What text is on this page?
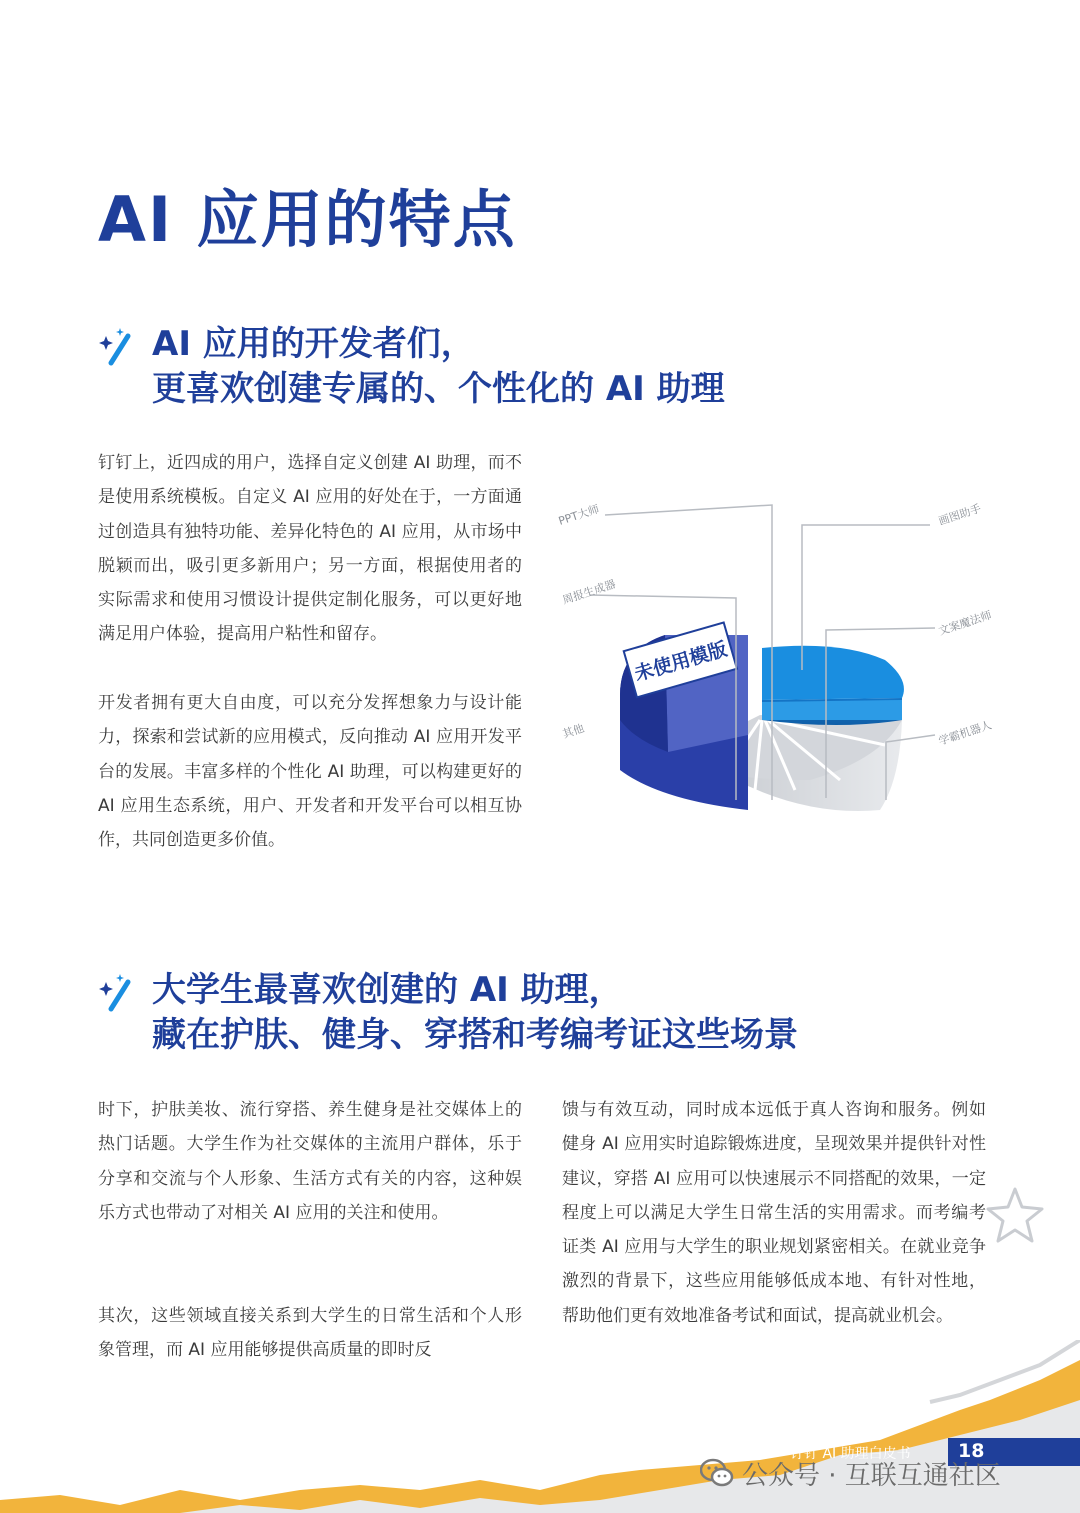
AI 应用的特点
AI 应用的开发者们，
更喜欢创建专属的、个性化的 AI 助理

钉钉上，近四成的用户，选择自定义创建 AI 助理，而不是使用系统模板。自定义 AI 应用的好处在于，一方面通过创造具有独特功能、差异化特色的 AI 应用，从市场中脱颖而出，吸引更多新用户；另一方面，根据使用者的实际需求和使用习惯设计提供定制化服务，可以更好地满足用户体验，提高用户粘性和留存。

开发者拥有更大自由度，可以充分发挥想象力与设计能力，探索和尝试新的应用模式，反向推动 AI 应用开发平台的发展。丰富多样的个性化 AI 助理，可以构建更好的 AI 应用生态系统，用户、开发者和开发平台可以相互协作，共同创造更多价值。

未使用模版
PPT大师	画图助手
周报生成器
文案魔法师
其他	学霸机器人
大学生最喜欢创建的 AI 助理，
藏在护肤、健身、穿搭和考编考证这些场景

时下，护肤美妆、流行穿搭、养生健身是社交媒体上的热门话题。大学生作为社交媒体的主流用户群体，乐于分享和交流与个人形象、生活方式有关的内容，这种娱乐方式也带动了对相关 AI 应用的关注和使用。

其次，这些领域直接关系到大学生的日常生活和个人形象管理，而 AI 应用能够提供高质量的即时反

馈与有效互动，同时成本远低于真人咨询和服务。例如健身 AI 应用实时追踪锻炼进度，呈现效果并提供针对性建议，穿搭 AI 应用可以快速展示不同搭配的效果，一定程度上可以满足大学生日常生活的实用需求。而考编考证类 AI 应用与大学生的职业规划紧密相关。在就业竞争激烈的背景下，这些应用能够低成本地、有针对性地，帮助他们更有效地准备考试和面试，提高就业机会。

钉钉 AI 助理白皮书 18
公众号 · 互联互通社区
